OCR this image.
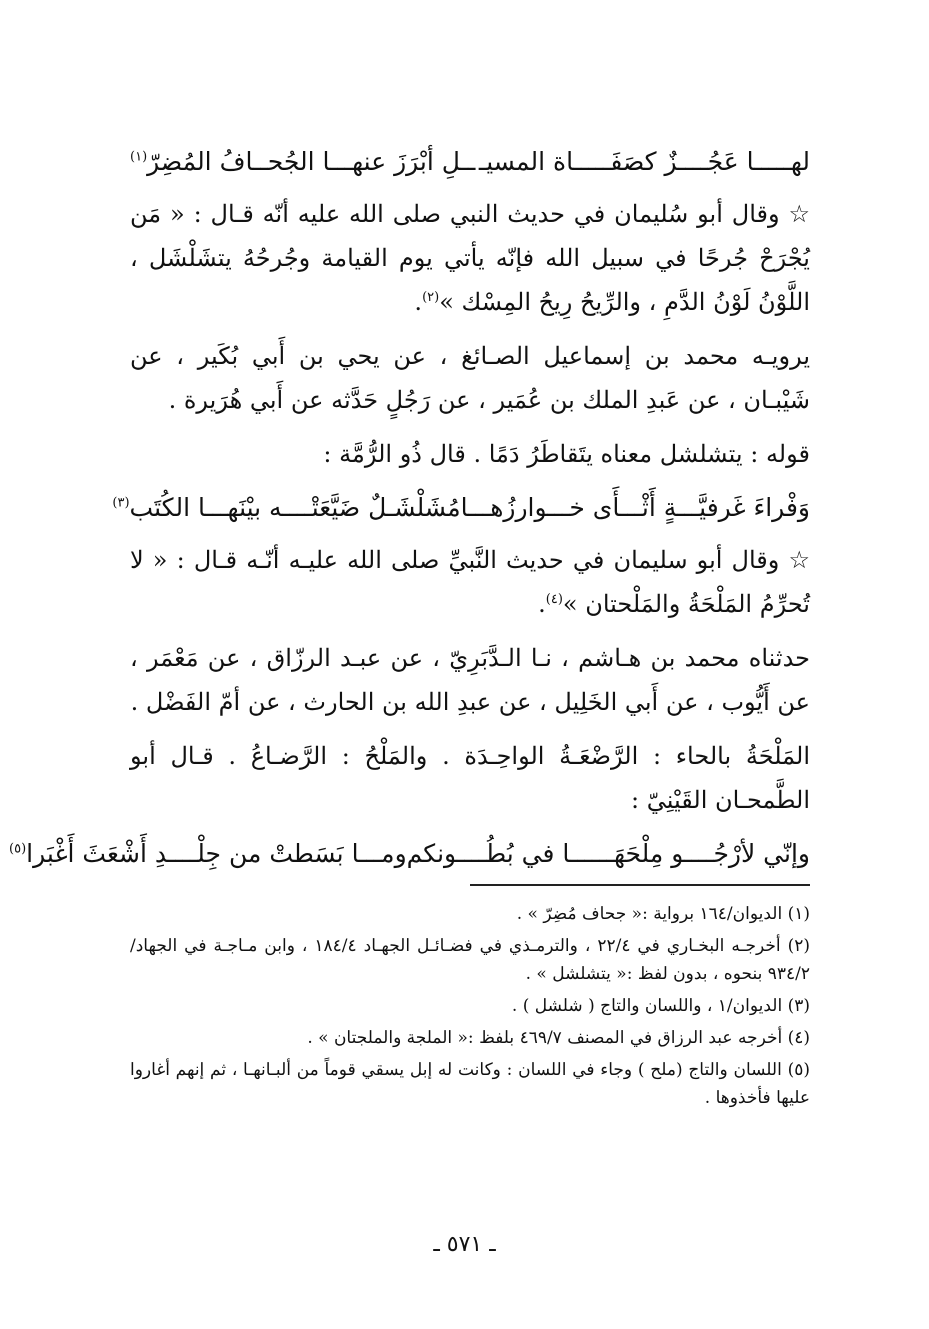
لهـــــا عَجُــــزٌ كصَفَـــــاة المسيـ
ــلِ أبْرَزَ عنهـــا الجُحــافُ المُضِرّ$^{(١)}$

☆ وقال أبو سُليمان في حديث النبي صلى الله عليه أنّه قـال : « مَن يُجْرَحْ جُرحًا في سبيل الله فإنّه يأتي يوم القيامة وجُرحُهُ يتشَلْشَل ، اللَّوْنُ لَوْنُ الدَّمِ ، والرِّيحُ رِيحُ المِسْك »$^{(٢)}$.

يرويـه محمد بن إسماعيل الصـائغ ، عن يحي بن أَبي بُكَير ، عن شَيْبـان ، عن عَبدِ الملك بن عُمَير ، عن رَجُلٍ حَدَّثه عن أَبي هُرَيرة .

قوله : يتشلشل معناه يتَقاطَرُ دَمًا . قال ذُو الرُّمَّة :

وَفْراءَ غَرفيَّـــةٍ أَثْـــأَى خـــوارزُهـــا
مُشَلْشَـلٌ ضَيَّعَتْــــه بيْنَهـــا الكُتَب$^{(٣)}$

☆ وقال أبو سليمان في حديث النَّبيِّ صلى الله عليـه أنّـه قـال : « لا تُحرِّمُ المَلْحَةُ والمَلْحتان »$^{(٤)}$.

حدثناه محمد بن هـاشم ، نـا الـدَّبَرِيّ ، عن عبـد الرزّاق ، عن مَعْمَر ، عن أَيُّوب ، عن أَبي الخَلِيل ، عن عبدِ الله بن الحارث ، عن أمّ الفَضْل .

المَلْحَةُ بالحاء : الرَّضْعَـةُ الواحِـدَة . والمَلْحُ : الرَّضـاعُ . قـال أبو الطَّمحـان القَيْنِيّ :

وإنّي لأرْجُــــو مِلْحَهَــــــا في بُطُــــونكم
ومـــا بَسَطتْ من جِلْــــدِ أَشْعَثَ أَغْبَرا$^{(٥)}$

(١) الديوان/١٦٤ برواية :« جحاف مُضِرّ » .

(٢) أخرجـه البخـاري في ٢٢/٤ ، والترمـذي في فضـائـل الجهـاد ١٨٤/٤ ، وابن مـاجـة في الجهاد/٩٣٤/٢ بنحوه ، بدون لفظ :« يتشلشل » .

(٣) الديوان/١ ، واللسان والتاج ( شلشل ) .

(٤) أخرجه عبد الرزاق في المصنف ٤٦٩/٧ بلفظ :« الملجة والملجتان » .

(٥) اللسان والتاج (ملح ) وجاء في اللسان : وكانت له إبل يسقي قوماً من ألبـانهـا ، ثم إنهم أغاروا عليها فأخذوها .

ـ ٥٧١ ـ
